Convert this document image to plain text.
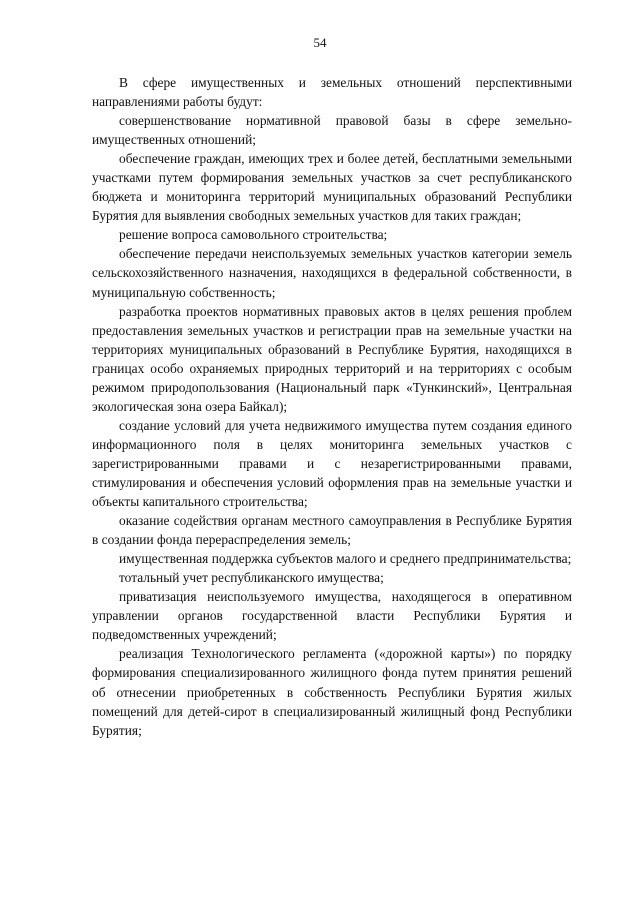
54

В сфере имущественных и земельных отношений перспективными направлениями работы будут:

совершенствование нормативной правовой базы в сфере земельно-имущественных отношений;

обеспечение граждан, имеющих трех и более детей, бесплатными земельными участками путем формирования земельных участков за счет республиканского бюджета и мониторинга территорий муниципальных образований Республики Бурятия для выявления свободных земельных участков для таких граждан;

решение вопроса самовольного строительства;

обеспечение передачи неиспользуемых земельных участков категории земель сельскохозяйственного назначения, находящихся в федеральной собственности, в муниципальную собственность;

разработка проектов нормативных правовых актов в целях решения проблем предоставления земельных участков и регистрации прав на земельные участки на территориях муниципальных образований в Республике Бурятия, находящихся в границах особо охраняемых природных территорий и на территориях с особым режимом природопользования (Национальный парк «Тункинский», Центральная экологическая зона озера Байкал);

создание условий для учета недвижимого имущества путем создания единого информационного поля в целях мониторинга земельных участков с зарегистрированными правами и с незарегистрированными правами, стимулирования и обеспечения условий оформления прав на земельные участки и объекты капитального строительства;

оказание содействия органам местного самоуправления в Республике Бурятия в создании фонда перераспределения земель;

имущественная поддержка субъектов малого и среднего предпринимательства;

тотальный учет республиканского имущества;

приватизация неиспользуемого имущества, находящегося в оперативном управлении органов государственной власти Республики Бурятия и подведомственных учреждений;

реализация Технологического регламента («дорожной карты») по порядку формирования специализированного жилищного фонда путем принятия решений об отнесении приобретенных в собственность Республики Бурятия жилых помещений для детей-сирот в специализированный жилищный фонд Республики Бурятия;
